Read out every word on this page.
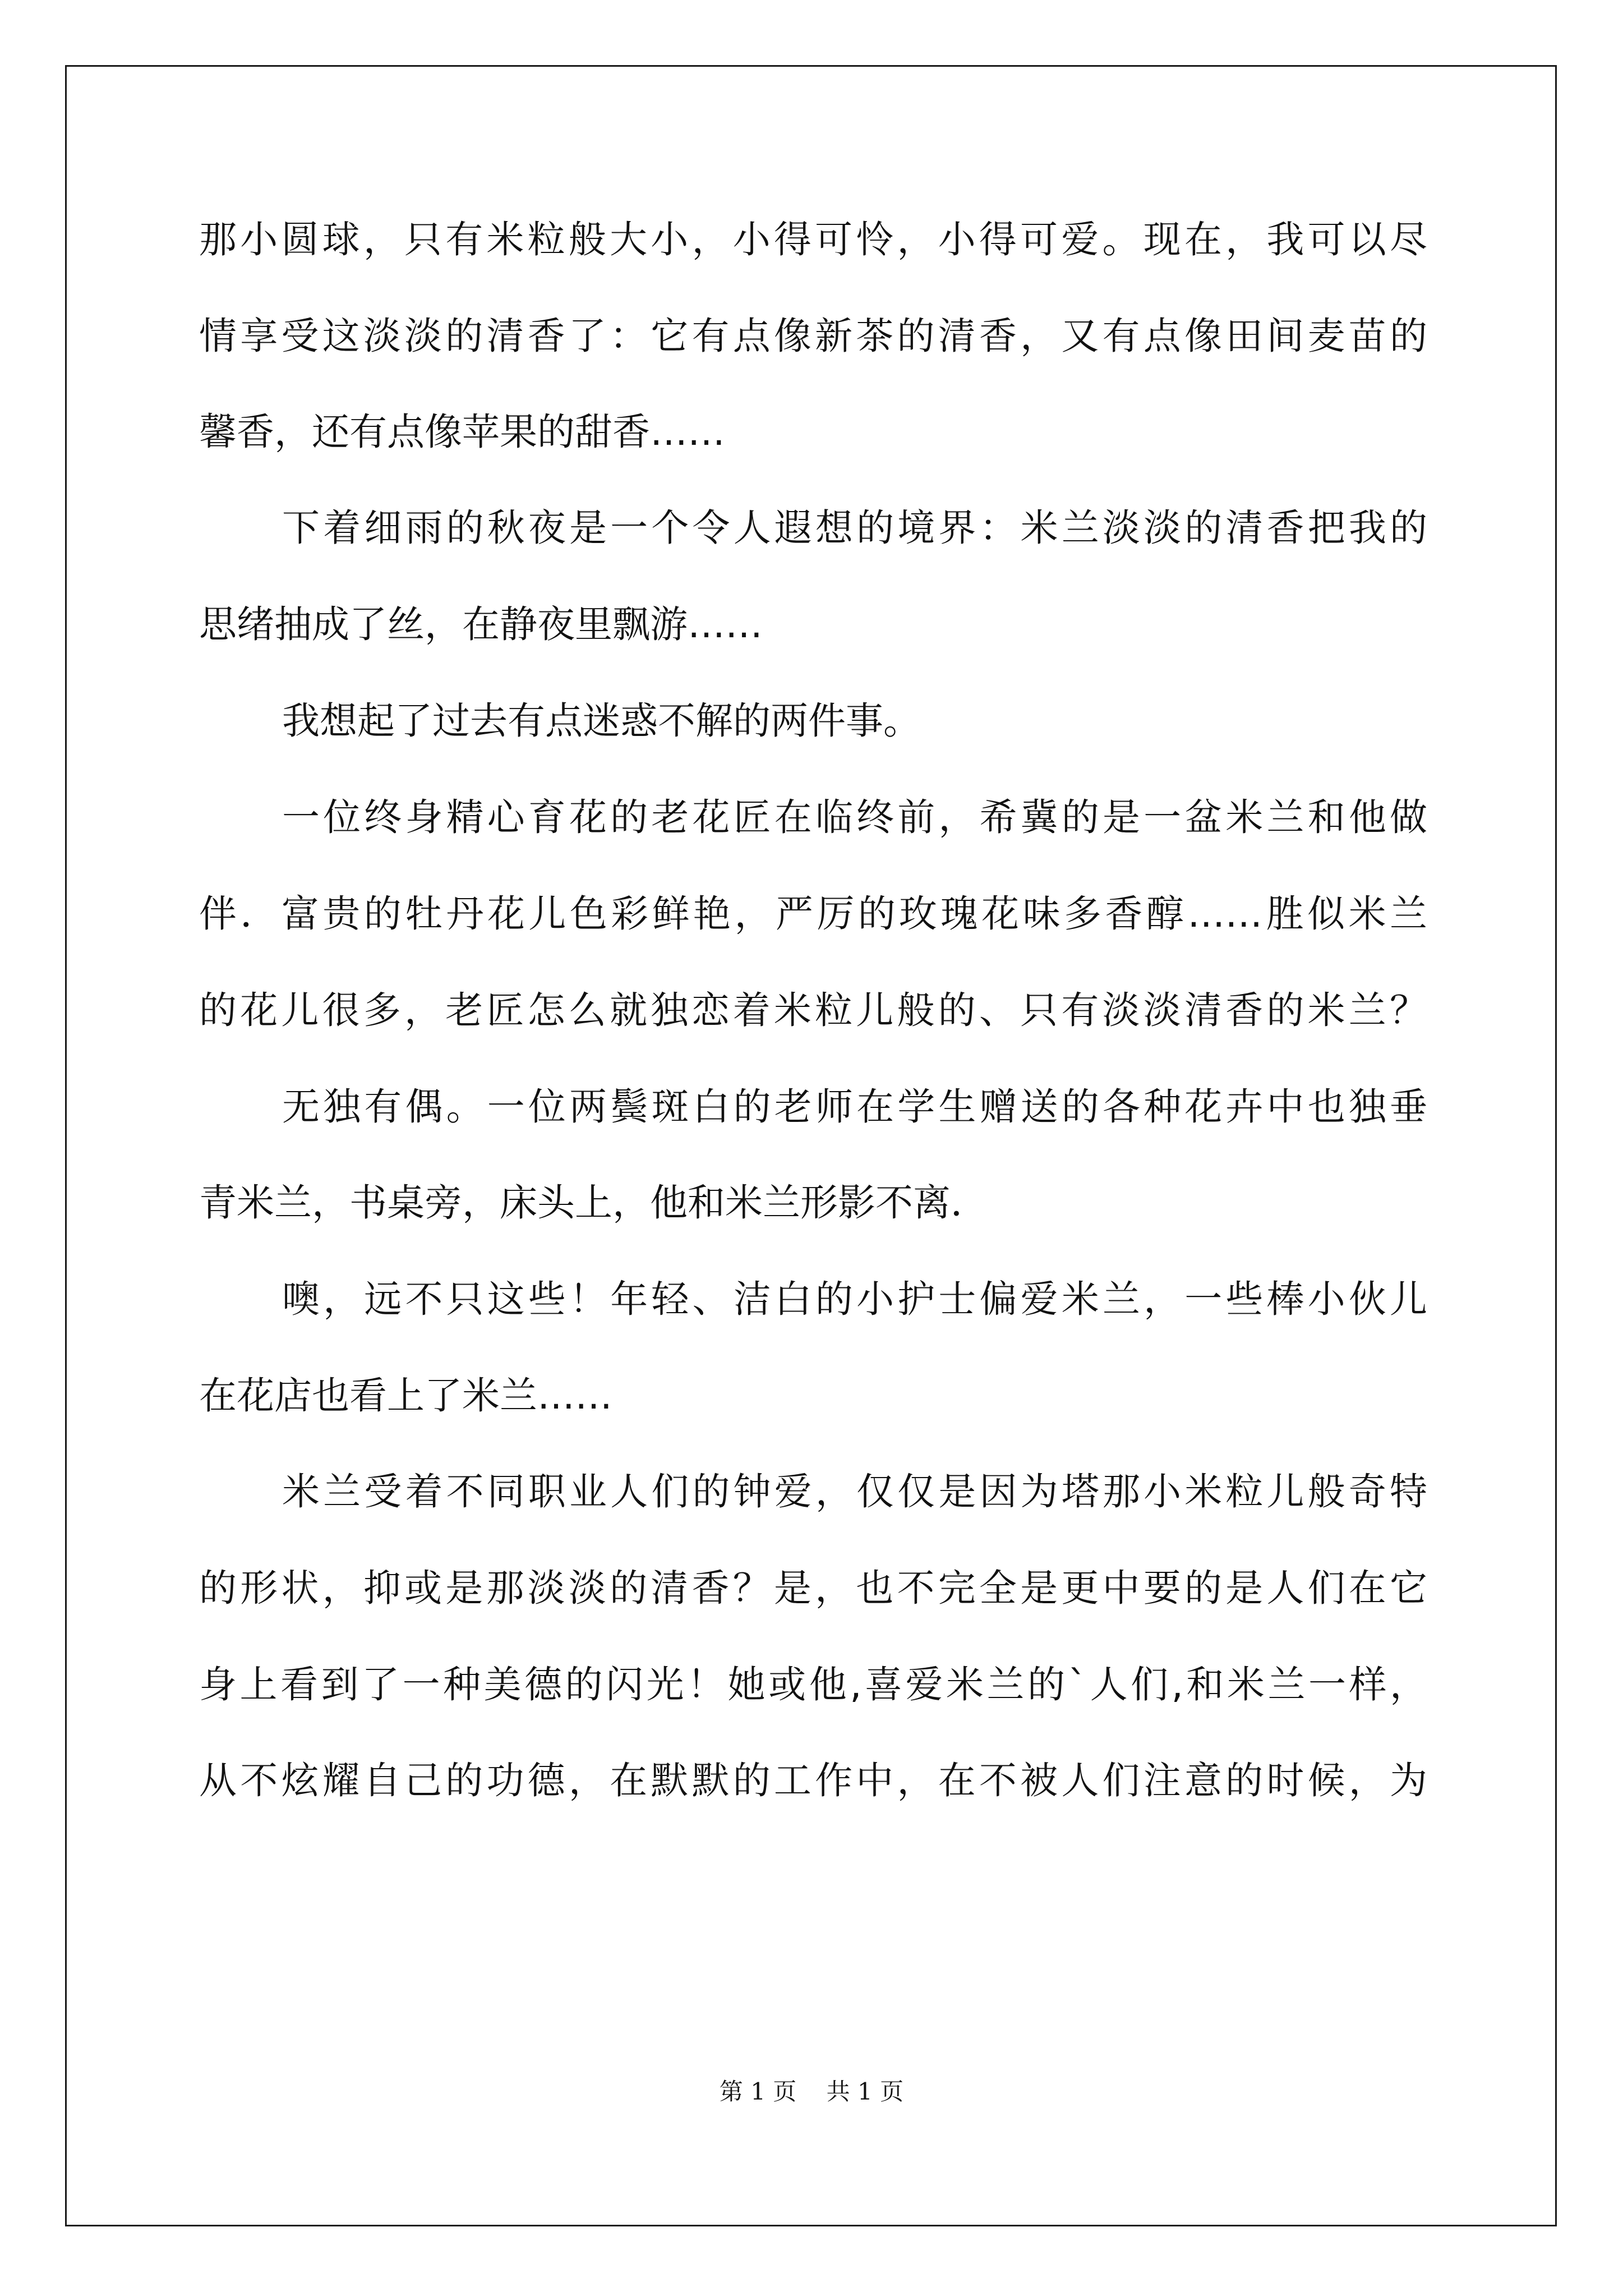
那小圆球，只有米粒般大小，小得可怜，小得可爱。现在，我可以尽
情享受这淡淡的清香了：它有点像新茶的清香，又有点像田间麦苗的
馨香，还有点像苹果的甜香……
下着细雨的秋夜是一个令人遐想的境界：米兰淡淡的清香把我的
思绪抽成了丝，在静夜里飘游……
我想起了过去有点迷惑不解的两件事。
一位终身精心育花的老花匠在临终前，希冀的是一盆米兰和他做
伴．富贵的牡丹花儿色彩鲜艳，严厉的玫瑰花味多香醇……胜似米兰
的花儿很多，老匠怎么就独恋着米粒儿般的、只有淡淡清香的米兰？
无独有偶。一位两鬓斑白的老师在学生赠送的各种花卉中也独垂
青米兰，书桌旁，床头上，他和米兰形影不离．
噢，远不只这些！年轻、洁白的小护士偏爱米兰，一些棒小伙儿
在花店也看上了米兰……
米兰受着不同职业人们的钟爱，仅仅是因为塔那小米粒儿般奇特
的形状，抑或是那淡淡的清香？是，也不完全是更中要的是人们在它
身上看到了一种美德的闪光！她或他,喜爱米兰的`人们,和米兰一样，
从不炫耀自己的功德，在默默的工作中，在不被人们注意的时候，为
第 1 页 共 1 页
